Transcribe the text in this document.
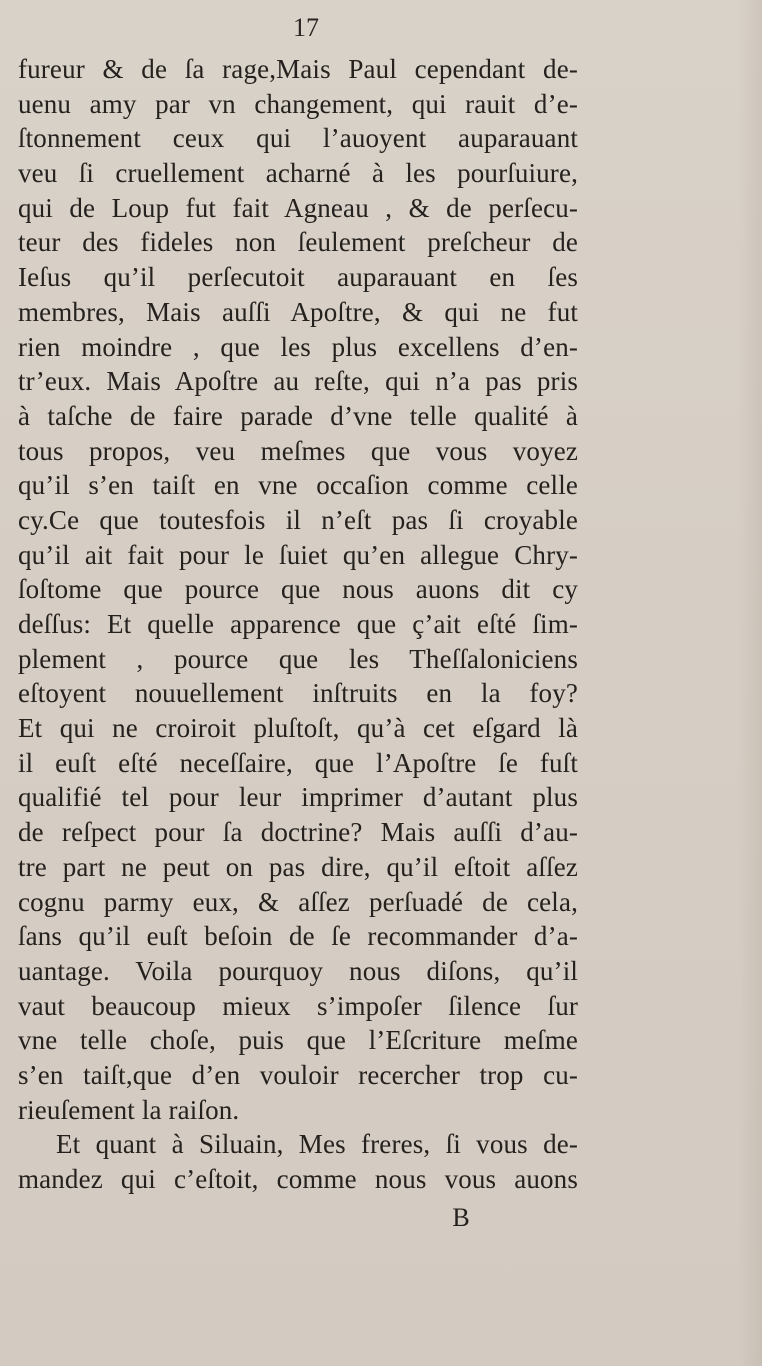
17
fureur & de ſa rage,Mais Paul cependant de-
uenu amy par vn changement, qui rauit d’e-
ſtonnement ceux qui l’auoyent auparauant
veu ſi cruellement acharné à les pourſuiure,
qui de Loup fut fait Agneau , & de perſecu-
teur des fideles non ſeulement preſcheur de
Ieſus qu’il perſecutoit auparauant en ſes
membres, Mais auſſi Apoſtre, & qui ne fut
rien moindre , que les plus excellens d’en-
tr’eux. Mais Apoſtre au reſte, qui n’a pas pris
à taſche de faire parade d’vne telle qualité à
tous propos, veu meſmes que vous voyez
qu’il s’en taiſt en vne occaſion comme celle
cy.Ce que toutesfois il n’eſt pas ſi croyable
qu’il ait fait pour le ſuiet qu’en allegue Chry-
ſoſtome que pource que nous auons dit cy
deſſus: Et quelle apparence que ç’ait eſté ſim-
plement , pource que les Theſſaloniciens
eſtoyent nouuellement inſtruits en la foy?
Et qui ne croiroit pluſtoſt, qu’à cet eſgard là
il euſt eſté neceſſaire, que l’Apoſtre ſe fuſt
qualifié tel pour leur imprimer d’autant plus
de reſpect pour ſa doctrine? Mais auſſi d’au-
tre part ne peut on pas dire, qu’il eſtoit aſſez
cognu parmy eux, & aſſez perſuadé de cela,
ſans qu’il euſt beſoin de ſe recommander d’a-
uantage. Voila pourquoy nous diſons, qu’il
vaut beaucoup mieux s’impoſer ſilence ſur
vne telle choſe, puis que l’Eſcriture meſme
s’en taiſt,que d’en vouloir recercher trop cu-
rieuſement la raiſon.
Et quant à Siluain, Mes freres, ſi vous de-
mandez qui c’eſtoit, comme nous vous auons
B
